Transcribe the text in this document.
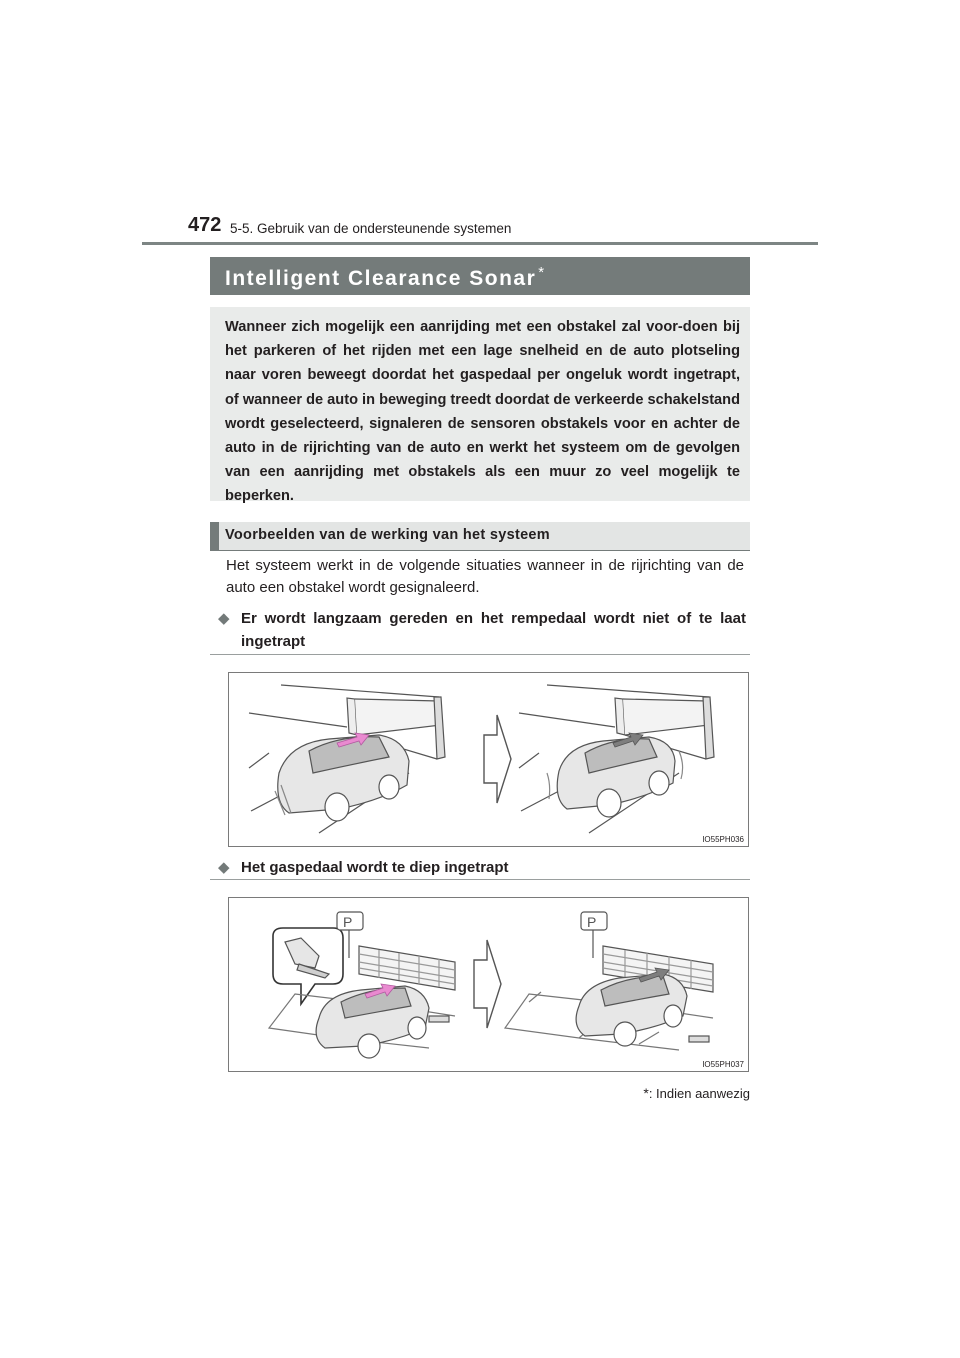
472 5-5. Gebruik van de ondersteunende systemen
Intelligent Clearance Sonar *
Wanneer zich mogelijk een aanrijding met een obstakel zal voor-doen bij het parkeren of het rijden met een lage snelheid en de auto plotseling naar voren beweegt doordat het gaspedaal per ongeluk wordt ingetrapt, of wanneer de auto in beweging treedt doordat de verkeerde schakelstand wordt geselecteerd, signaleren de sensoren obstakels voor en achter de auto in de rijrichting van de auto en werkt het systeem om de gevolgen van een aanrijding met obstakels als een muur zo veel mogelijk te beperken.
Voorbeelden van de werking van het systeem
Het systeem werkt in de volgende situaties wanneer in de rijrichting van de auto een obstakel wordt gesignaleerd.
◆ Er wordt langzaam gereden en het rempedaal wordt niet of te laat ingetrapt
IO55PH036
◆ Het gaspedaal wordt te diep ingetrapt
P	P
IO55PH037
*: Indien aanwezig
